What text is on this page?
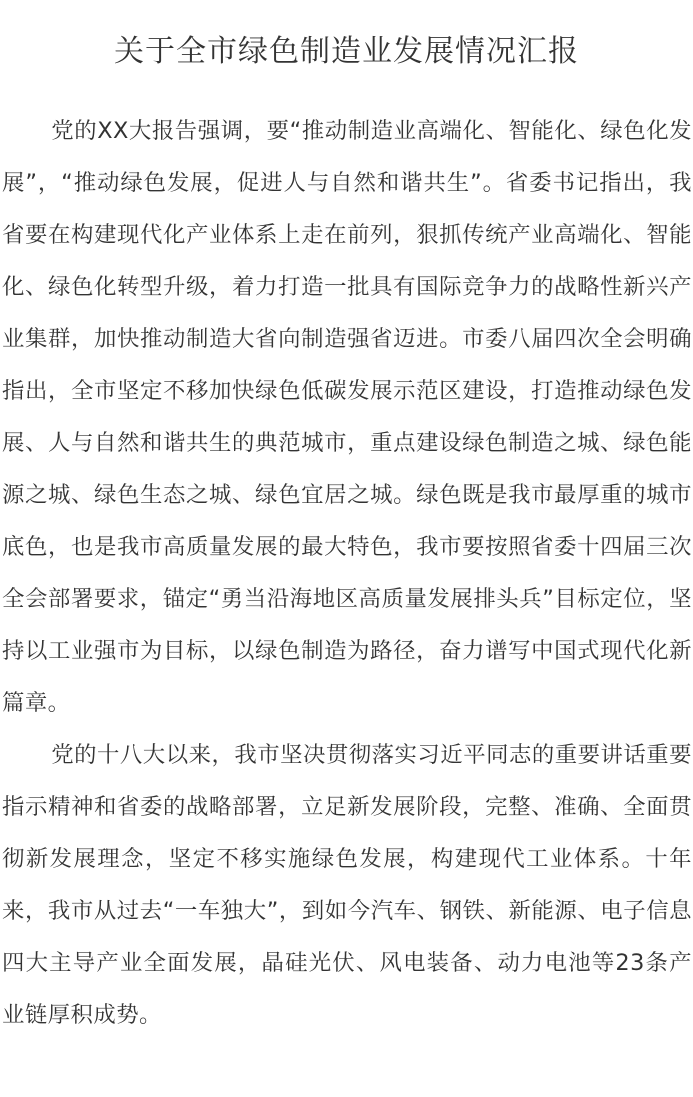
关于全市绿色制造业发展情况汇报

党的XX大报告强调，要“推动制造业高端化、智能化、绿色化发展”，“推动绿色发展，促进人与自然和谐共生”。省委书记指出，我省要在构建现代化产业体系上走在前列，狠抓传统产业高端化、智能化、绿色化转型升级，着力打造一批具有国际竞争力的战略性新兴产业集群，加快推动制造大省向制造强省迈进。市委八届四次全会明确指出，全市坚定不移加快绿色低碳发展示范区建设，打造推动绿色发展、人与自然和谐共生的典范城市，重点建设绿色制造之城、绿色能源之城、绿色生态之城、绿色宜居之城。绿色既是我市最厚重的城市底色，也是我市高质量发展的最大特色，我市要按照省委十四届三次全会部署要求，锚定“勇当沿海地区高质量发展排头兵”目标定位，坚持以工业强市为目标，以绿色制造为路径，奋力谱写中国式现代化新篇章。

党的十八大以来，我市坚决贯彻落实习近平同志的重要讲话重要指示精神和省委的战略部署，立足新发展阶段，完整、准确、全面贯彻新发展理念，坚定不移实施绿色发展，构建现代工业体系。十年来，我市从过去“一车独大”，到如今汽车、钢铁、新能源、电子信息四大主导产业全面发展，晶硅光伏、风电装备、动力电池等23条产业链厚积成势。
